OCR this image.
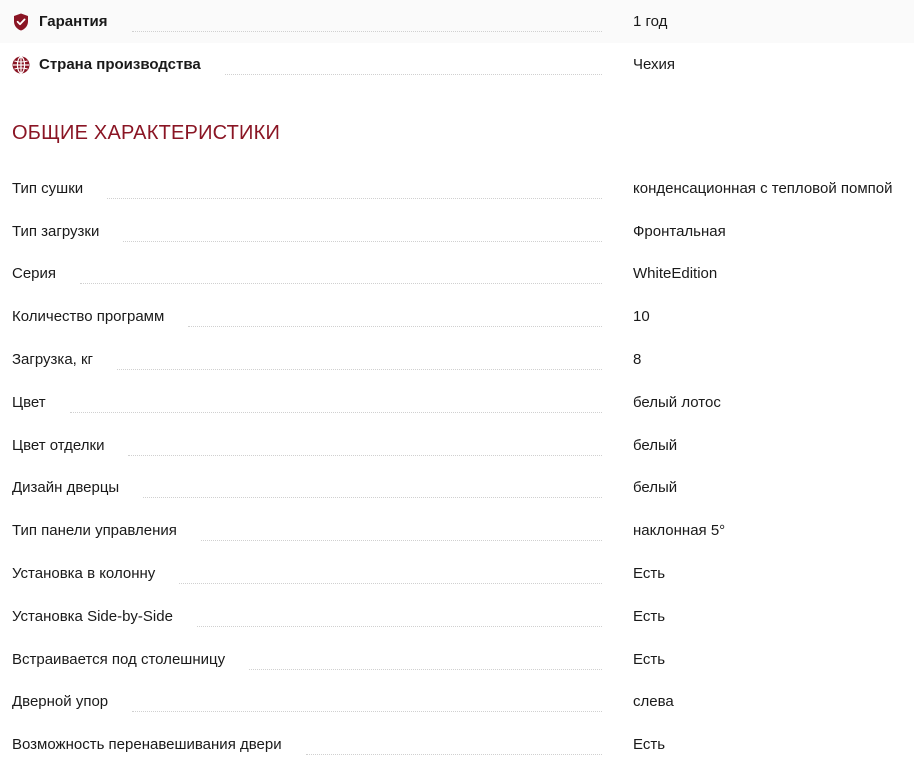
Гарантия	1 год
Страна производства	Чехия
ОБЩИЕ ХАРАКТЕРИСТИКИ
Тип сушки	конденсационная с тепловой помпой
Тип загрузки	Фронтальная
Серия	WhiteEdition
Количество программ	10
Загрузка, кг	8
Цвет	белый лотос
Цвет отделки	белый
Дизайн дверцы	белый
Тип панели управления	наклонная 5°
Установка в колонну	Есть
Установка Side-by-Side	Есть
Встраивается под столешницу	Есть
Дверной упор	слева
Возможность перенавешивания двери	Есть
